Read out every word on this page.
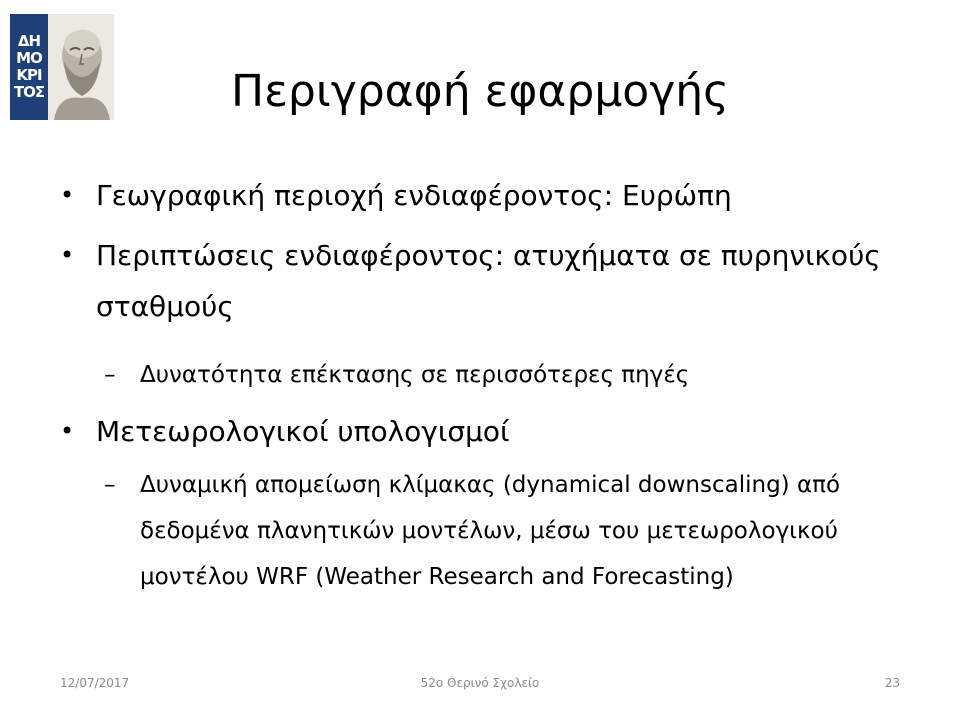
ΔΗ
ΜΟ
ΚΡΙ
ΤΟΣ	Περιγραφή εφαρμογής
• Γεωγραφική περιοχή ενδιαφέροντος: Ευρώπη
• Περιπτώσεις ενδιαφέροντος: ατυχήματα σε πυρηνικούς σταθμούς
– Δυνατότητα επέκτασης σε περισσότερες πηγές
• Μετεωρολογικοί υπολογισμοί
– Δυναμική απομείωση κλίμακας (dynamical downscaling) από δεδομένα πλανητικών μοντέλων, μέσω του μετεωρολογικού μοντέλου WRF (Weather Research and Forecasting)
12/07/2017	52ο Θερινό Σχολείο	23
